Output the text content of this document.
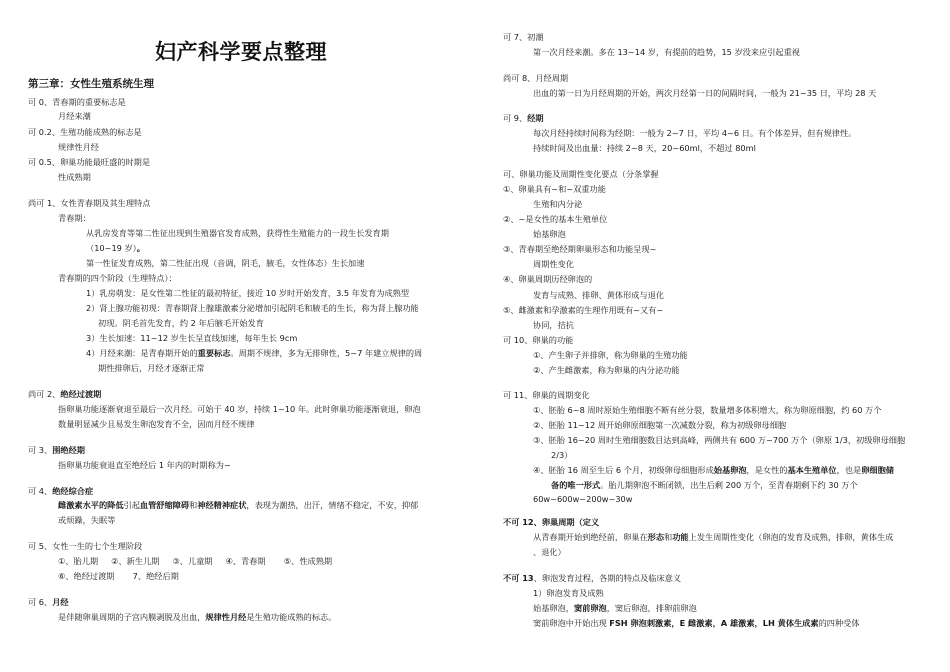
妇产科学要点整理
第三章：女性生殖系统生理
可 0、青春期的重要标志是
月经来潮
可 0.2、生殖功能成熟的标志是
规律性月经
可 0.5、卵巢功能最旺盛的时期是
性成熟期
尚可 1、女性青春期及其生理特点
青春期：
从乳房发育等第二性征出现到生殖器官发育成熟，获得性生殖能力的一段生长发育期
（10~19 岁）。
第一性征发育成熟，第二性征出现（音调，阴毛，腋毛，女性体态）生长加速
青春期的四个阶段（生理特点）：
1）乳房萌发：是女性第二性征的最初特征，接近 10 岁时开始发育，3.5 年发育为成熟型
2）肾上腺功能初现：青春期肾上腺雄激素分泌增加引起阴毛和腋毛的生长，称为肾上腺功能
初现。阴毛首先发育，约 2 年后腋毛开始发育
3）生长加速：11~12 岁生长呈直线加速，每年生长 9cm
4）月经来潮：是青春期开始的重要标志。周期不规律，多为无排卵性，5~7 年建立规律的周
期性排卵后，月经才逐渐正常
尚可 2、绝经过渡期
指卵巢功能逐渐衰退至最后一次月经。可始于 40 岁，持续 1~10 年。此时卵巢功能逐渐衰退，卵泡
数量明显减少且易发生卵泡发育不全，因而月经不规律
可 3、围绝经期
指卵巢功能衰退直至绝经后 1 年内的时期称为~
可 4、绝经综合症
雌激素水平的降低引起血管舒缩障碍和神经精神症状，表现为潮热，出汗，情绪不稳定，不安，抑郁
或烦躁，失眠等
可 5、女性一生的七个生理阶段
①、胎儿期     ②、新生儿期     ③、儿童期     ④、青春期       ⑤、性成熟期
⑥、绝经过渡期       7、绝经后期
可 6、月经
是伴随卵巢周期的子宫内膜剥脱及出血，规律性月经是生殖功能成熟的标志。
可 7、初潮
第一次月经来潮。多在 13~14 岁，有提前的趋势，15 岁没来应引起重视
尚可 8、月经周期
出血的第一日为月经周期的开始，两次月经第一日的间隔时间，一般为 21~35 日，平均 28 天
可 9、经期
每次月经持续时间称为经期：一般为 2~7 日，平均 4~6 日。有个体差异，但有规律性。
持续时间及出血量：持续 2~8 天，20~60ml，不超过 80ml
可、卵巢功能及周期性变化要点（分条掌握
①、卵巢具有~和~双重功能
生殖和内分泌
②、~是女性的基本生殖单位
始基卵泡
③、青春期至绝经期卵巢形态和功能呈现~
周期性变化
④、卵巢周期历经卵泡的
发育与成熟、排卵、黄体形成与退化
⑤、雌激素和孕激素的生理作用既有~又有~
协同，拮抗
可 10、卵巢的功能
①、产生卵子并排卵，称为卵巢的生殖功能
②、产生雌激素，称为卵巢的内分泌功能
可 11、卵巢的周期变化
①、胚胎 6~8 周时原始生殖细胞不断有丝分裂，数量增多体积增大，称为卵原细胞，约 60 万个
②、胚胎 11~12 周开始卵原细胞第一次减数分裂，称为初级卵母细胞
③、胚胎 16~20 周时生殖细胞数目达到高峰，两侧共有 600 万~700 万个（卵原 1/3，初级卵母细胞
2/3）
④、胚胎 16 周至生后 6 个月，初级卵母细胞形成始基卵泡，是女性的基本生殖单位，也是卵细胞储
备的唯一形式。胎儿期卵泡不断闭锁，出生后剩 200 万个，至青春期剩下约 30 万个
60w~600w~200w~30w
不可 12、卵巢周期（定义
从青春期开始到绝经前，卵巢在形态和功能上发生周期性变化（卵泡的发育及成熟，排卵，黄体生成
、退化）
不可 13、卵泡发育过程，各期的特点及临床意义
1）卵泡发育及成熟
始基卵泡，窦前卵泡，窦后卵泡，排卵前卵泡
窦前卵泡中开始出现 FSH 卵泡刺激素，E 雌激素，A 雄激素，LH 黄体生成素的四种受体
